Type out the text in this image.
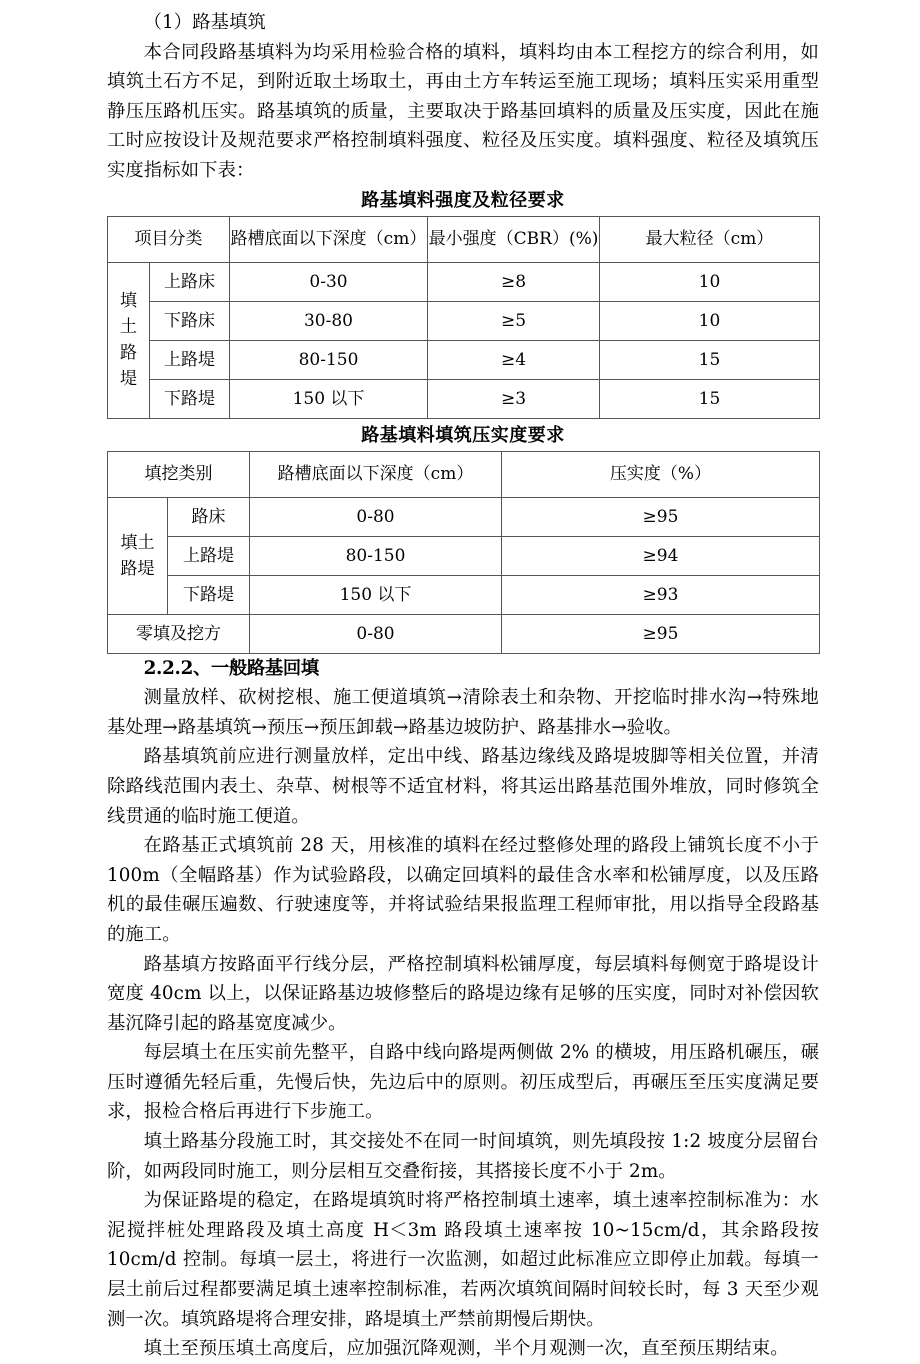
（1）路基填筑

本合同段路基填料为均采用检验合格的填料，填料均由本工程挖方的综合利用，如填筑土石方不足，到附近取土场取土，再由土方车转运至施工现场；填料压实采用重型静压压路机压实。路基填筑的质量，主要取决于路基回填料的质量及压实度，因此在施工时应按设计及规范要求严格控制填料强度、粒径及压实度。填料强度、粒径及填筑压实度指标如下表：

路基填料强度及粒径要求

项目分类		路槽底面以下深度（cm）	最小强度（CBR）(%)	最大粒径（cm）

填
土
路
堤	上路床	0-30	≥8	10
	下路床	30-80	≥5	10
	上路堤	80-150	≥4	15
	下路堤	150 以下	≥3	15

路基填料填筑压实度要求

填挖类别		路槽底面以下深度（cm）	压实度（%）

填土
路堤	路床	0-80	≥95
	上路堤	80-150	≥94
	下路堤	150 以下	≥93
零填及挖方		0-80	≥95

2.2.2、一般路基回填

测量放样、砍树挖根、施工便道填筑→清除表土和杂物、开挖临时排水沟→特殊地基处理→路基填筑→预压→预压卸载→路基边坡防护、路基排水→验收。

路基填筑前应进行测量放样，定出中线、路基边缘线及路堤坡脚等相关位置，并清除路线范围内表土、杂草、树根等不适宜材料，将其运出路基范围外堆放，同时修筑全线贯通的临时施工便道。

在路基正式填筑前 28 天，用核准的填料在经过整修处理的路段上铺筑长度不小于 100m（全幅路基）作为试验路段，以确定回填料的最佳含水率和松铺厚度，以及压路机的最佳碾压遍数、行驶速度等，并将试验结果报监理工程师审批，用以指导全段路基的施工。

路基填方按路面平行线分层，严格控制填料松铺厚度，每层填料每侧宽于路堤设计宽度 40cm 以上，以保证路基边坡修整后的路堤边缘有足够的压实度，同时对补偿因软基沉降引起的路基宽度减少。

每层填土在压实前先整平，自路中线向路堤两侧做 2% 的横坡，用压路机碾压，碾压时遵循先轻后重，先慢后快，先边后中的原则。初压成型后，再碾压至压实度满足要求，报检合格后再进行下步施工。

填土路基分段施工时，其交接处不在同一时间填筑，则先填段按 1:2 坡度分层留台阶，如两段同时施工，则分层相互交叠衔接，其搭接长度不小于 2m。

为保证路堤的稳定，在路堤填筑时将严格控制填土速率，填土速率控制标准为：水泥搅拌桩处理路段及填土高度 H＜3m 路段填土速率按 10~15cm/d，其余路段按 10cm/d 控制。每填一层土，将进行一次监测，如超过此标准应立即停止加载。每填一层土前后过程都要满足填土速率控制标准，若两次填筑间隔时间较长时，每 3 天至少观测一次。填筑路堤将合理安排，路堤填土严禁前期慢后期快。

填土至预压填土高度后，应加强沉降观测，半个月观测一次，直至预压期结束。
